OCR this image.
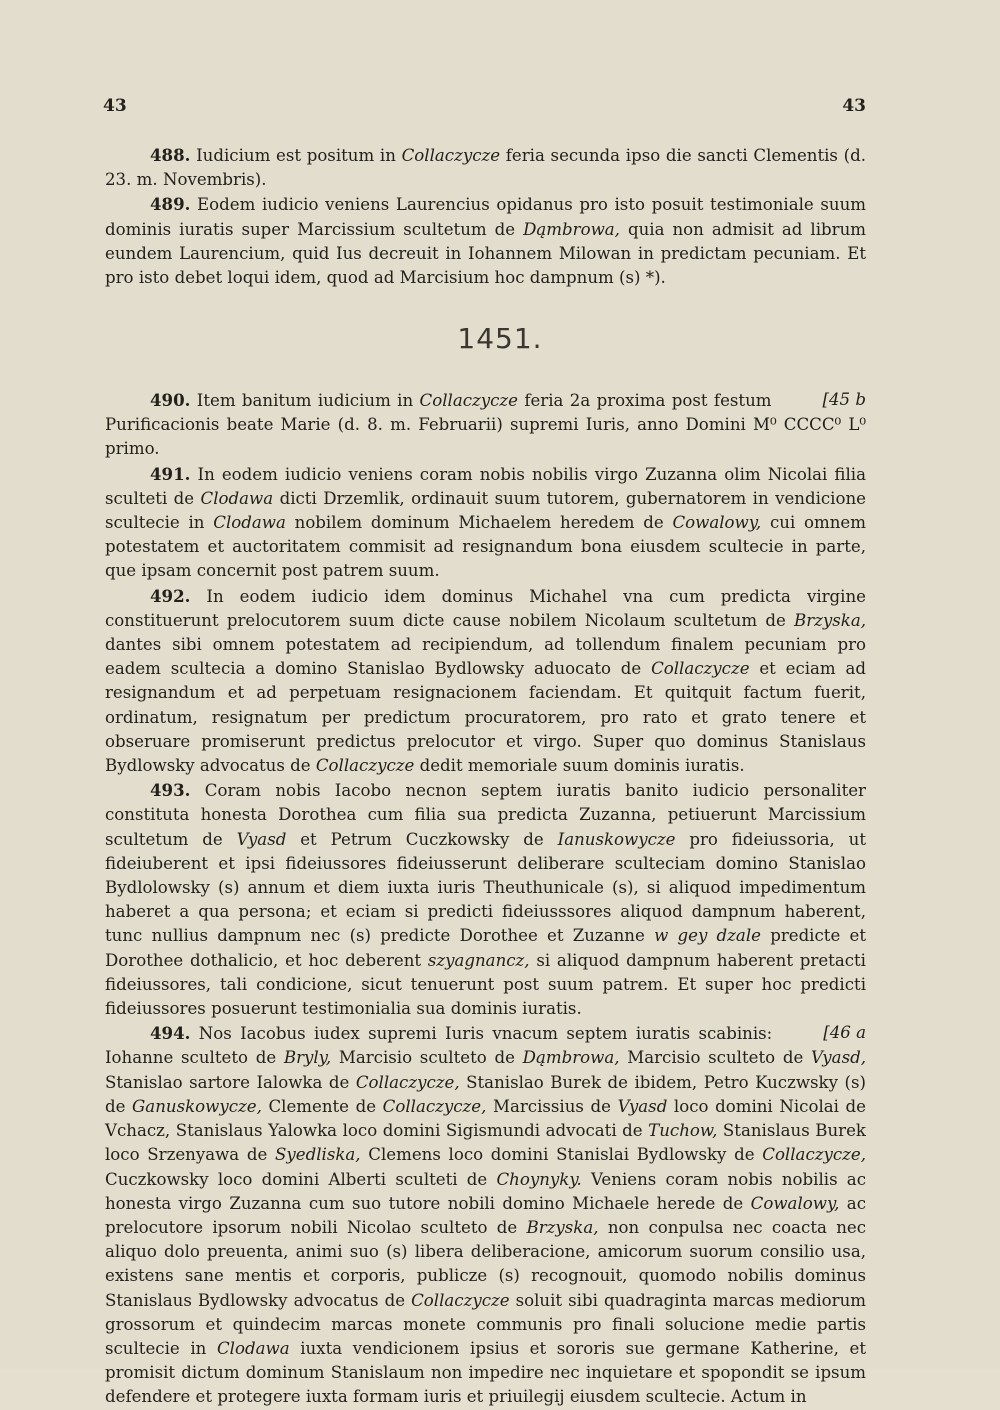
43	43

488. Iudicium est positum in Collaczycze feria secunda ipso die sancti Clementis (d. 23. m. Novembris).

489. Eodem iudicio veniens Laurencius opidanus pro isto posuit testimoniale suum dominis iuratis super Marcissium scultetum de Dąmbrowa, quia non admisit ad librum eundem Laurencium, quid Ius decreuit in Iohannem Milowan in predictam pecuniam. Et pro isto debet loqui idem, quod ad Marcisium hoc dampnum (s) *).

1451.

[45 b
490. Item banitum iudicium in Collaczycze feria 2a proxima post festum Purificacionis beate Marie (d. 8. m. Februarii) supremi Iuris, anno Domini M⁰ CCCC⁰ L⁰ primo.

491. In eodem iudicio veniens coram nobis nobilis virgo Zuzanna olim Nicolai filia sculteti de Clodawa dicti Drzemlik, ordinauit suum tutorem, gubernatorem in vendicione scultecie in Clodawa nobilem dominum Michaelem heredem de Cowalowy, cui omnem potestatem et auctoritatem commisit ad resignandum bona eiusdem scultecie in parte, que ipsam concernit post patrem suum.

492. In eodem iudicio idem dominus Michahel vna cum predicta virgine constituerunt prelocutorem suum dicte cause nobilem Nicolaum scultetum de Brzyska, dantes sibi omnem potestatem ad recipiendum, ad tollendum finalem pecuniam pro eadem scultecia a domino Stanislao Bydlowsky aduocato de Collaczycze et eciam ad resignandum et ad perpetuam resignacionem faciendam. Et quitquit factum fuerit, ordinatum, resignatum per predictum procuratorem, pro rato et grato tenere et obseruare promiserunt predictus prelocutor et virgo. Super quo dominus Stanislaus Bydlowsky advocatus de Collaczycze dedit memoriale suum dominis iuratis.

493. Coram nobis Iacobo necnon septem iuratis banito iudicio personaliter constituta honesta Dorothea cum filia sua predicta Zuzanna, petiuerunt Marcissium scultetum de Vyasd et Petrum Cuczkowsky de Ianuskowycze pro fideiussoria, ut fideiuberent et ipsi fideiussores fideiusserunt deliberare sculteciam domino Stanislao Bydlolowsky (s) annum et diem iuxta iuris Theuthunicale (s), si aliquod impedimentum haberet a qua persona; et eciam si predicti fideiusssores aliquod dampnum haberent, tunc nullius dampnum nec (s) predicte Dorothee et Zuzanne w gey dzale predicte et Dorothee dothalicio, et hoc deberent szyagnancz, si aliquod dampnum haberent pretacti fideiussores, tali condicione, sicut tenuerunt post suum patrem. Et super hoc predicti fideiussores posuerunt testimonialia sua dominis iuratis.

[46 a
494. Nos Iacobus iudex supremi Iuris vnacum septem iuratis scabinis: Iohanne sculteto de Bryly, Marcisio sculteto de Dąmbrowa, Marcisio sculteto de Vyasd, Stanislao sartore Ialowka de Collaczycze, Stanislao Burek de ibidem, Petro Kuczwsky (s) de Ganuskowycze, Clemente de Collaczycze, Marcissius de Vyasd loco domini Nicolai de Vchacz, Stanislaus Yalowka loco domini Sigismundi advocati de Tuchow, Stanislaus Burek loco Srzenyawa de Syedliska, Clemens loco domini Stanislai Bydlowsky de Collaczycze, Cuczkowsky loco domini Alberti sculteti de Choynyky. Veniens coram nobis nobilis ac honesta virgo Zuzanna cum suo tutore nobili domino Michaele herede de Cowalowy, ac prelocutore ipsorum nobili Nicolao sculteto de Brzyska, non conpulsa nec coacta nec aliquo dolo preuenta, animi suo (s) libera deliberacione, amicorum suorum consilio usa, existens sane mentis et corporis, publicze (s) recognouit, quomodo nobilis dominus Stanislaus Bydlowsky advocatus de Collaczycze soluit sibi quadraginta marcas mediorum grossorum et quindecim marcas monete communis pro finali solucione medie partis scultecie in Clodawa iuxta vendicionem ipsius et sororis sue germane Katherine, et promisit dictum dominum Stanislaum non impedire nec inquietare et spopondit se ipsum defendere et protegere iuxta formam iuris et priuilegij eiusdem scultecie. Actum in
